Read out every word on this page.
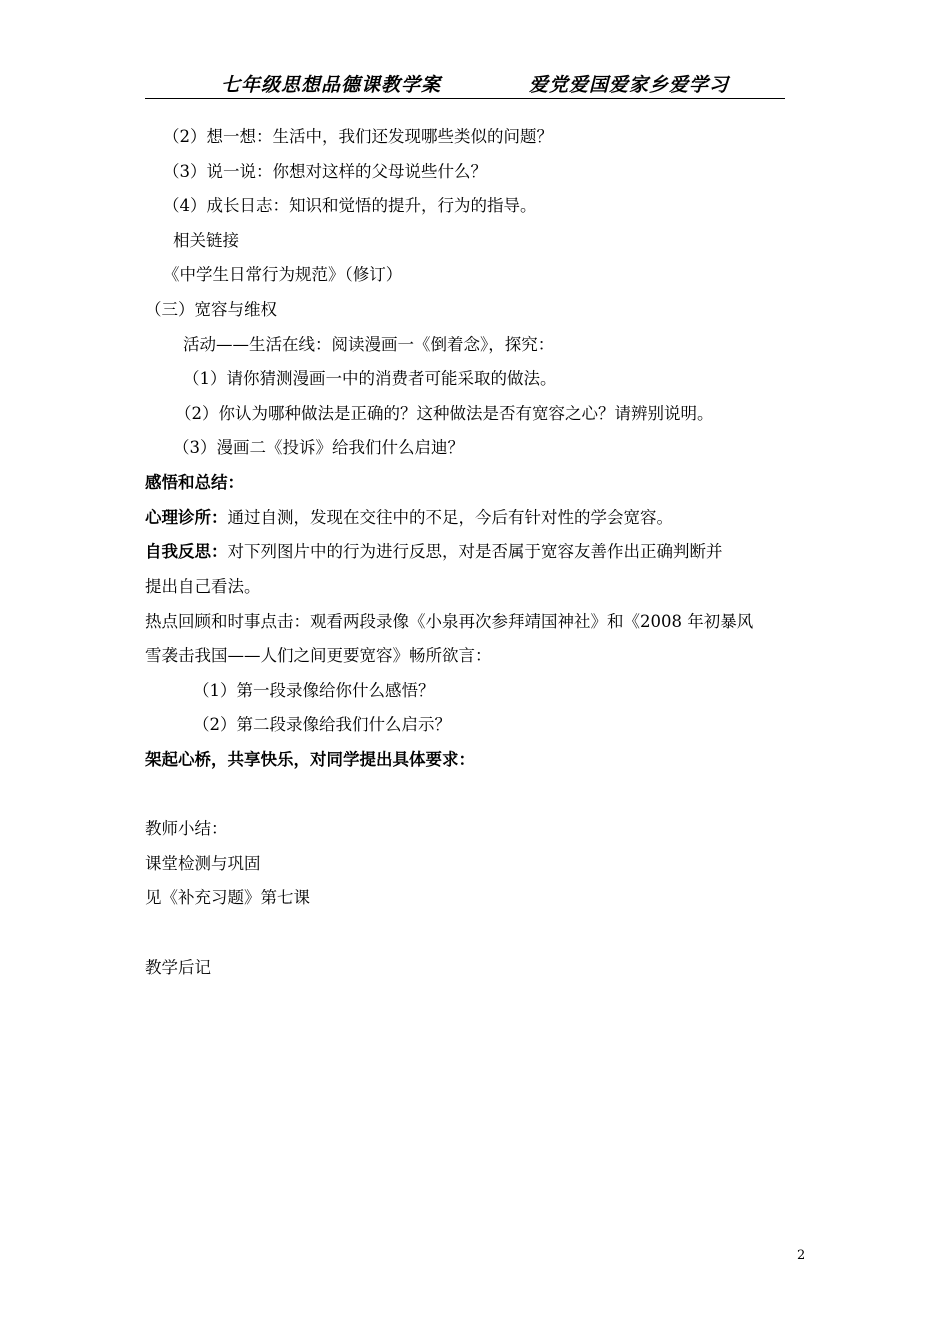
七年级思想品德课教学案	爱党爱国爱家乡爱学习
（2）想一想：生活中，我们还发现哪些类似的问题？
（3）说一说：你想对这样的父母说些什么？
（4）成长日志：知识和觉悟的提升，行为的指导。
相关链接
《中学生日常行为规范》（修订）
（三）宽容与维权
活动——生活在线：阅读漫画一《倒着念》，探究：
（1）请你猜测漫画一中的消费者可能采取的做法。
（2）你认为哪种做法是正确的？这种做法是否有宽容之心？请辨别说明。
（3）漫画二《投诉》给我们什么启迪？
感悟和总结：
心理诊所：通过自测，发现在交往中的不足，今后有针对性的学会宽容。
自我反思：对下列图片中的行为进行反思，对是否属于宽容友善作出正确判断并
提出自己看法。
热点回顾和时事点击：观看两段录像《小泉再次参拜靖国神社》和《2008 年初暴风
雪袭击我国——人们之间更要宽容》畅所欲言：
（1）第一段录像给你什么感悟？
（2）第二段录像给我们什么启示？
架起心桥，共享快乐，对同学提出具体要求：
教师小结：
课堂检测与巩固
见《补充习题》第七课
教学后记
2
